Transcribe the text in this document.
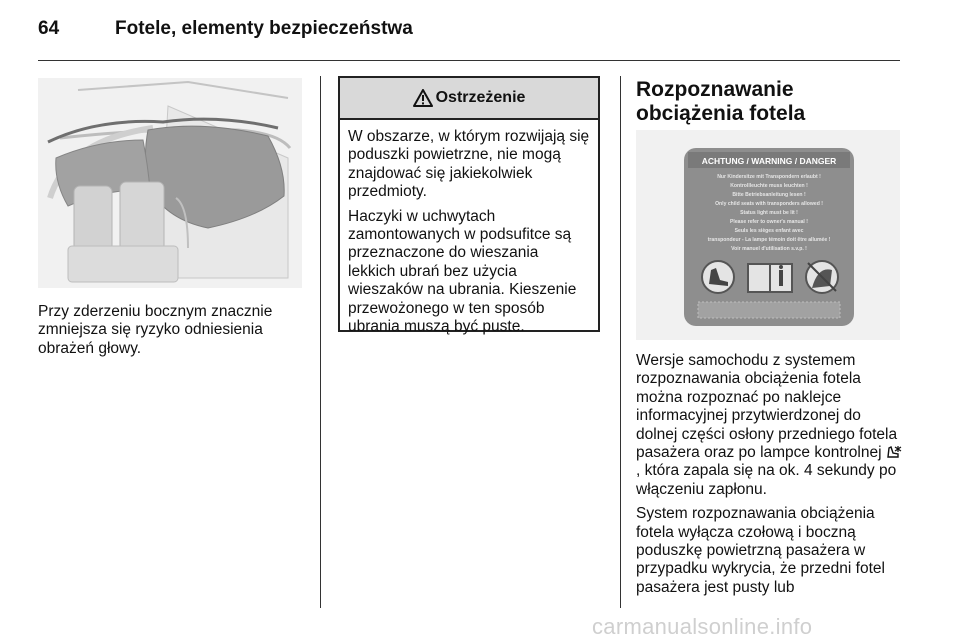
64	Fotele, elementy bezpieczeństwa
Przy zderzeniu bocznym znacznie zmniejsza się ryzyko odniesienia obrażeń głowy.
Ostrzeżenie

W obszarze, w którym rozwijają się poduszki powietrzne, nie mogą znajdować się jakiekolwiek przedmioty.

Haczyki w uchwytach zamontowanych w podsufitce są przeznaczone do wieszania lekkich ubrań bez użycia wieszaków na ubrania. Kieszenie przewożonego w ten sposób ubrania muszą być puste.

Rozpoznawanie obciążenia fotela
ACHTUNG / WARNING / DANGER
Nur Kindersitze mit Transpondern erlaubt !
Kontrollleuchte muss leuchten !
Bitte Betriebsanleitung lesen !
Only child seats with transponders allowed !
Status light must be lit !
Please refer to owner's manual !
Seuls les sièges enfant avec
transpondeur - La lampe témoin doit être allumée !
Voir manuel d'utilisation s.v.p. !

Wersje samochodu z systemem rozpoznawania obciążenia fotela można rozpoznać po naklejce informacyjnej przytwierdzonej do dolnej części osłony przedniego fotela pasażera oraz po lampce kontrolnej , która zapala się na ok. 4 sekundy po włączeniu zapłonu.

System rozpoznawania obciążenia fotela wyłącza czołową i boczną poduszkę powietrzną pasażera w przypadku wykrycia, że przedni fotel pasażera jest pusty lub

carmanualsonline.info
